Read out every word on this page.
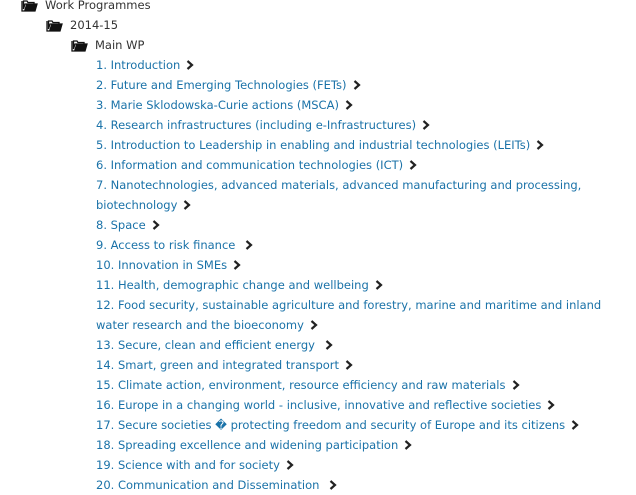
Work Programmes
2014-15
Main WP
1. Introduction
2. Future and Emerging Technologies (FETs)
3. Marie Sklodowska-Curie actions (MSCA)
4. Research infrastructures (including e-Infrastructures)
5. Introduction to Leadership in enabling and industrial technologies (LEITs)
6. Information and communication technologies (ICT)
7. Nanotechnologies, advanced materials, advanced manufacturing and processing, biotechnology
8. Space
9. Access to risk finance
10. Innovation in SMEs
11. Health, demographic change and wellbeing
12. Food security, sustainable agriculture and forestry, marine and maritime and inland water research and the bioeconomy
13. Secure, clean and efficient energy
14. Smart, green and integrated transport
15. Climate action, environment, resource efficiency and raw materials
16. Europe in a changing world - inclusive, innovative and reflective societies
17. Secure societies � protecting freedom and security of Europe and its citizens
18. Spreading excellence and widening participation
19. Science with and for society
20. Communication and Dissemination
